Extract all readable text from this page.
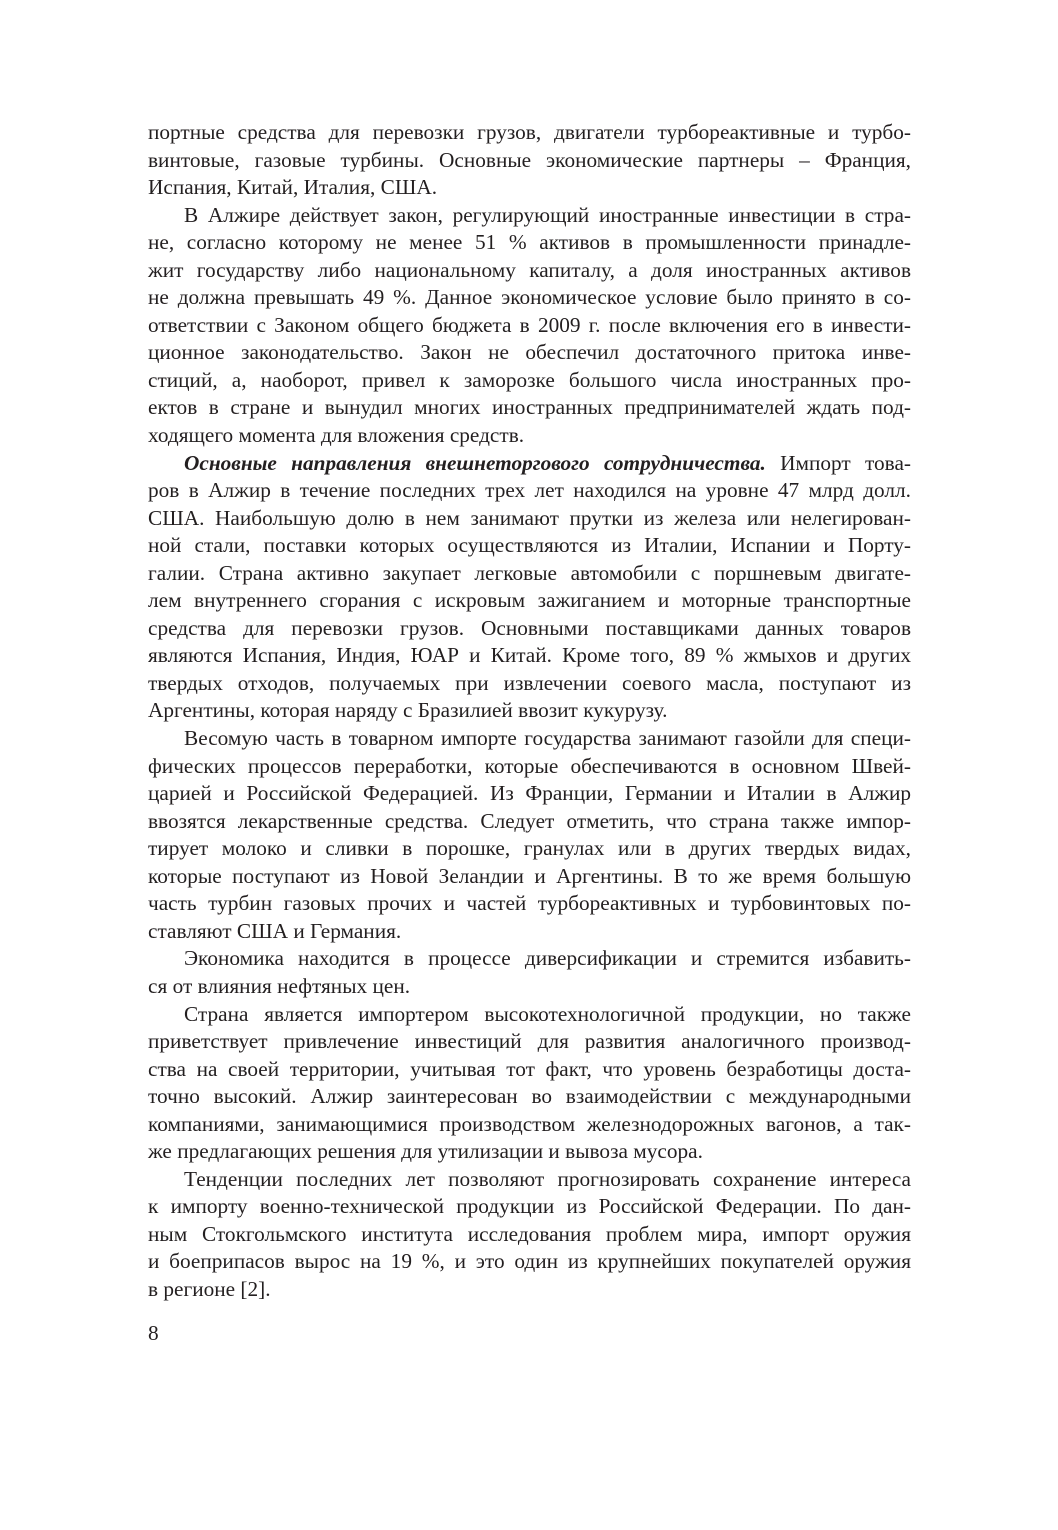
портные средства для перевозки грузов, двигатели турбореактивные и турбо-
винтовые, газовые турбины. Основные экономические партнеры – Франция,
Испания, Китай, Италия, США.
В Алжире действует закон, регулирующий иностранные инвестиции в стра-
не, согласно которому не менее 51 % активов в промышленности принадле-
жит государству либо национальному капиталу, а доля иностранных активов
не должна превышать 49 %. Данное экономическое условие было принято в со-
ответствии с Законом общего бюджета в 2009 г. после включения его в инвести-
ционное законодательство. Закон не обеспечил достаточного притока инве-
стиций, а, наоборот, привел к заморозке большого числа иностранных про-
ектов в стране и вынудил многих иностранных предпринимателей ждать под-
ходящего момента для вложения средств.
Основные направления внешнеторгового сотрудничества. Импорт това-
ров в Алжир в течение последних трех лет находился на уровне 47 млрд долл.
США. Наибольшую долю в нем занимают прутки из железа или нелегирован-
ной стали, поставки которых осуществляются из Италии, Испании и Порту-
галии. Страна активно закупает легковые автомобили с поршневым двигате-
лем внутреннего сгорания с искровым зажиганием и моторные транспортные
средства для перевозки грузов. Основными поставщиками данных товаров
являются Испания, Индия, ЮАР и Китай. Кроме того, 89 % жмыхов и других
твердых отходов, получаемых при извлечении соевого масла, поступают из
Аргентины, которая наряду с Бразилией ввозит кукурузу.
Весомую часть в товарном импорте государства занимают газойли для специ-
фических процессов переработки, которые обеспечиваются в основном Швей-
царией и Российской Федерацией. Из Франции, Германии и Италии в Алжир
ввозятся лекарственные средства. Следует отметить, что страна также импор-
тирует молоко и сливки в порошке, гранулах или в других твердых видах,
которые поступают из Новой Зеландии и Аргентины. В то же время большую
часть турбин газовых прочих и частей турбореактивных и турбовинтовых по-
ставляют США и Германия.
Экономика находится в процессе диверсификации и стремится избавить-
ся от влияния нефтяных цен.
Страна является импортером высокотехнологичной продукции, но также
приветствует привлечение инвестиций для развития аналогичного производ-
ства на своей территории, учитывая тот факт, что уровень безработицы доста-
точно высокий. Алжир заинтересован во взаимодействии с международными
компаниями, занимающимися производством железнодорожных вагонов, а так-
же предлагающих решения для утилизации и вывоза мусора.
Тенденции последних лет позволяют прогнозировать сохранение интереса
к импорту военно-технической продукции из Российской Федерации. По дан-
ным Стокгольмского института исследования проблем мира, импорт оружия
и боеприпасов вырос на 19 %, и это один из крупнейших покупателей оружия
в регионе [2].
8
